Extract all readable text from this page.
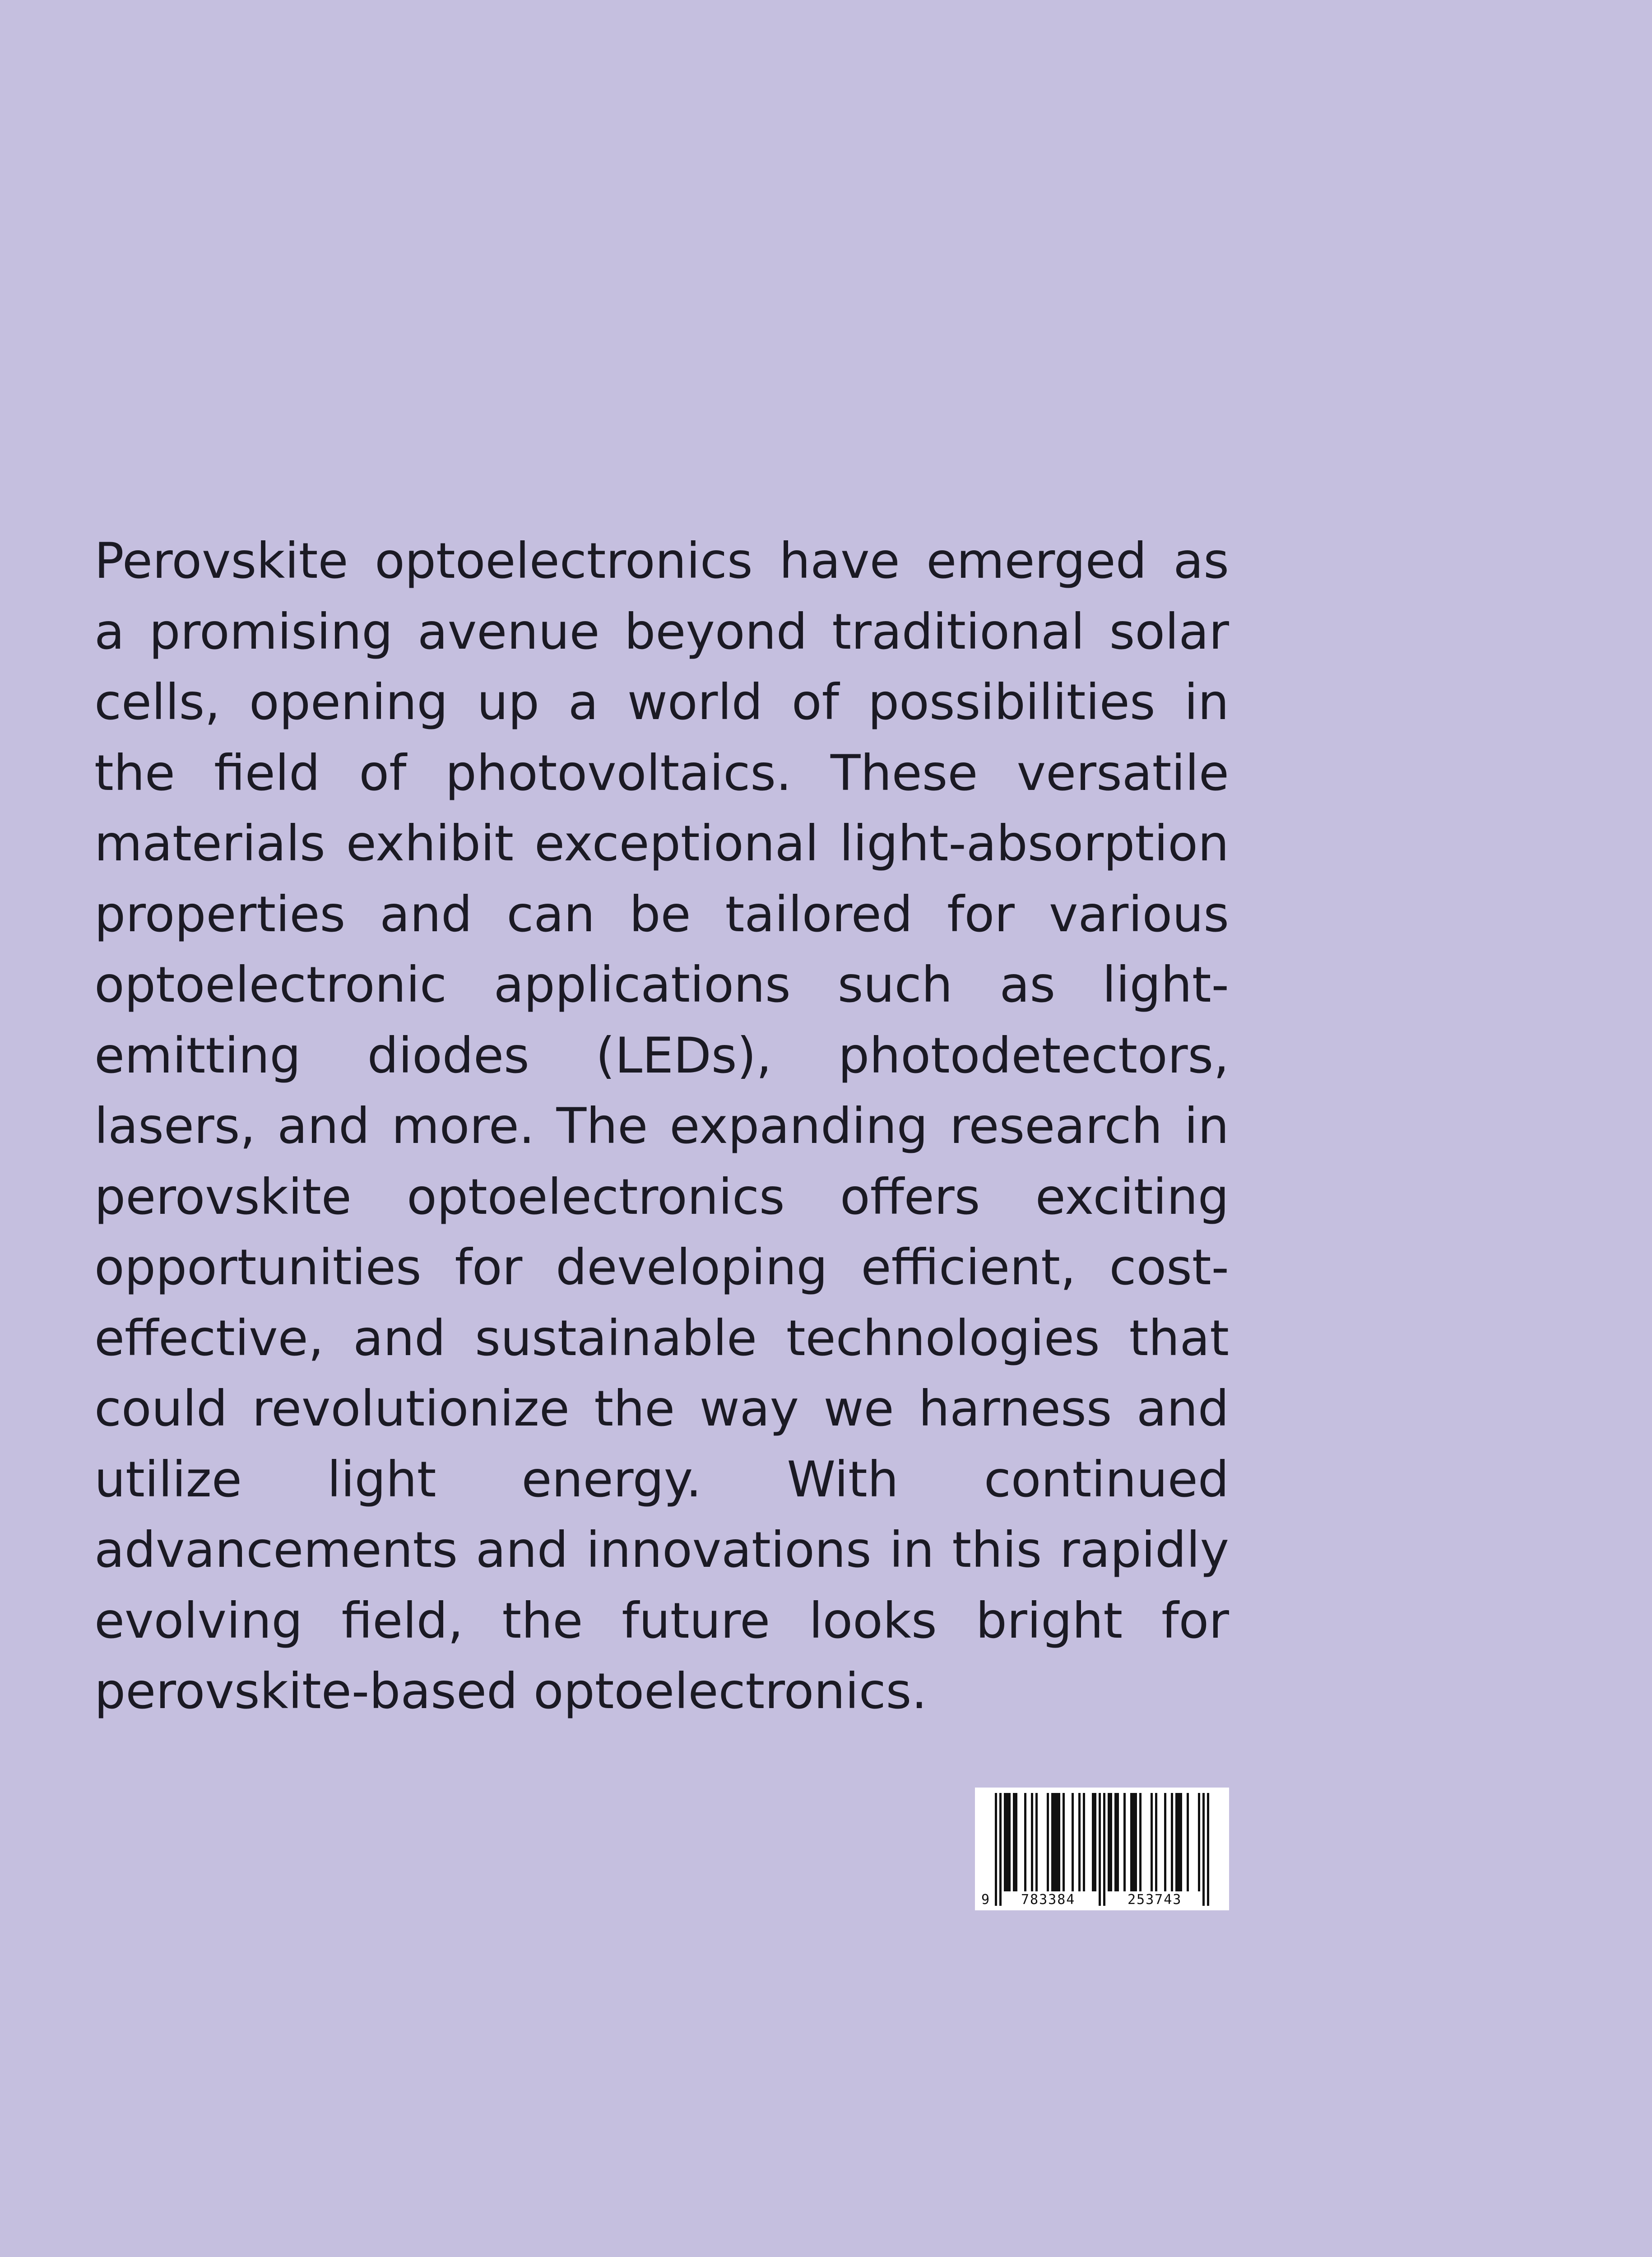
Perovskite optoelectronics have emerged as a promising avenue beyond traditional solar cells, opening up a world of possibilities in the field of photovoltaics. These versatile materials exhibit exceptional light-absorption properties and can be tailored for various optoelectronic applications such as light-emitting diodes (LEDs), photodetectors, lasers, and more. The expanding research in perovskite optoelectronics offers exciting opportunities for developing efficient, cost-effective, and sustainable technologies that could revolutionize the way we harness and utilize light energy. With continued advancements and innovations in this rapidly evolving field, the future looks bright for perovskite-based optoelectronics.

9 783384	253743
